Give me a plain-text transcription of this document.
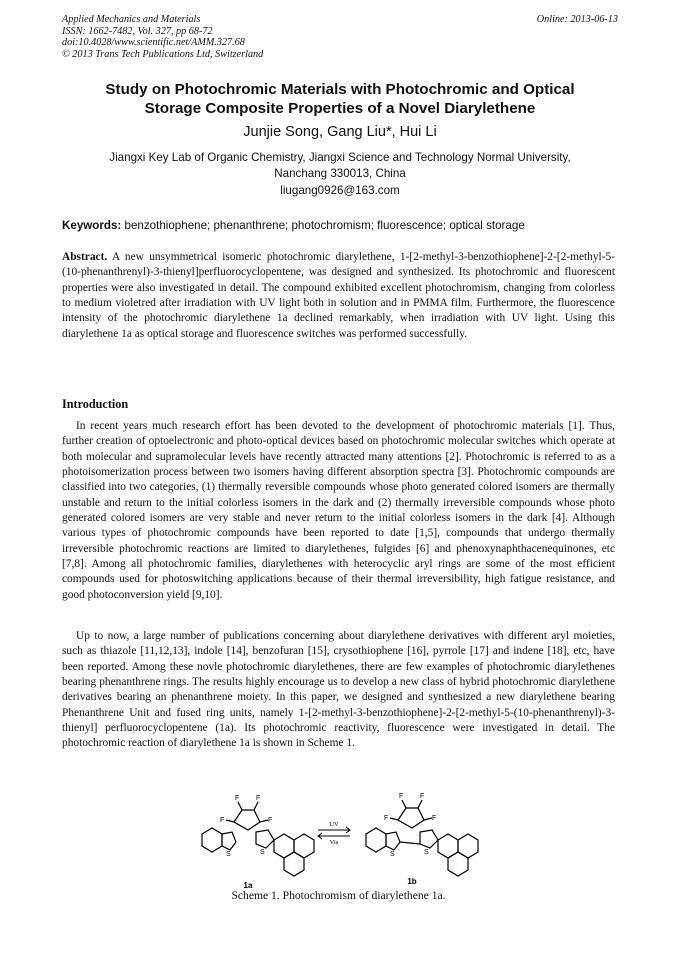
Applied Mechanics and Materials
ISSN: 1662-7482, Vol. 327, pp 68-72
doi:10.4028/www.scientific.net/AMM.327.68
© 2013 Trans Tech Publications Ltd, Switzerland
Online: 2013-06-13
Study on Photochromic Materials with Photochromic and Optical
Storage Composite Properties of a Novel Diarylethene
Junjie Song, Gang Liu*, Hui Li
Jiangxi Key Lab of Organic Chemistry, Jiangxi Science and Technology Normal University,
Nanchang 330013, China
liugang0926@163.com
Keywords: benzothiophene; phenanthrene; photochromism; fluorescence; optical storage
Abstract. A new unsymmetrical isomeric photochromic diarylethene, 1-[2-methyl-3-benzothiophene]-2-[2-methyl-5-(10-phenanthrenyl)-3-thienyl]perfluorocyclopentene, was designed and synthesized. Its photochromic and fluorescent properties were also investigated in detail. The compound exhibited excellent photochromism, changing from colorless to medium violetred after irradiation with UV light both in solution and in PMMA film. Furthermore, the fluorescence intensity of the photochromic diarylethene 1a declined remarkably, when irradiation with UV light. Using this diarylethene 1a as optical storage and fluorescence switches was performed successfully.
Introduction
In recent years much research effort has been devoted to the development of photochromic materials [1]. Thus, further creation of optoelectronic and photo-optical devices based on photochromic molecular switches which operate at both molecular and supramolecular levels have recently attracted many attentions [2]. Photochromic is referred to as a photoisomerization process between two isomers having different absorption spectra [3]. Photochromic compounds are classified into two categories, (1) thermally reversible compounds whose photo generated colored isomers are thermally unstable and return to the initial colorless isomers in the dark and (2) thermally irreversible compounds whose photo generated colored isomers are very stable and never return to the initial colorless isomers in the dark [4]. Although various types of photochromic compounds have been reported to date [1,5], compounds that undergo thermally irreversible photochromic reactions are limited to diarylethenes, fulgides [6] and phenoxynaphthacenequinones, etc [7,8]. Among all photochromic families, diarylethenes with heterocyclic aryl rings are some of the most efficient compounds used for photoswitching applications because of their thermal irreversibility, high fatigue resistance, and good photoconversion yield [9,10].
Up to now, a large number of publications concerning about diarylethene derivatives with different aryl moieties, such as thiazole [11,12,13], indole [14], benzofuran [15], crysothiophene [16], pyrrole [17] and indene [18], etc, have been reported. Among these novle photochromic diarylethenes, there are few examples of photochromic diarylethenes bearing phenanthrene rings. The results highly encourage us to develop a new class of hybrid photochromic diarylethene derivatives bearing an phenanthrene moiety. In this paper, we designed and synthesized a new diarylethene bearing Phenanthrene Unit and fused ring units, namely 1-[2-methyl-3-benzothiophene]-2-[2-methyl-5-(10-phenanthrenyl)-3-thienyl] perfluorocyclopentene (1a). Its photochromic reactivity, fluorescence were investigated in detail. The photochromic reaction of diarylethene 1a is shown in Scheme 1.
F F
F	F
S	S
UV
Vis
F F
F	F
S	S
1a	1b
Scheme 1. Photochromism of diarylethene 1a.
